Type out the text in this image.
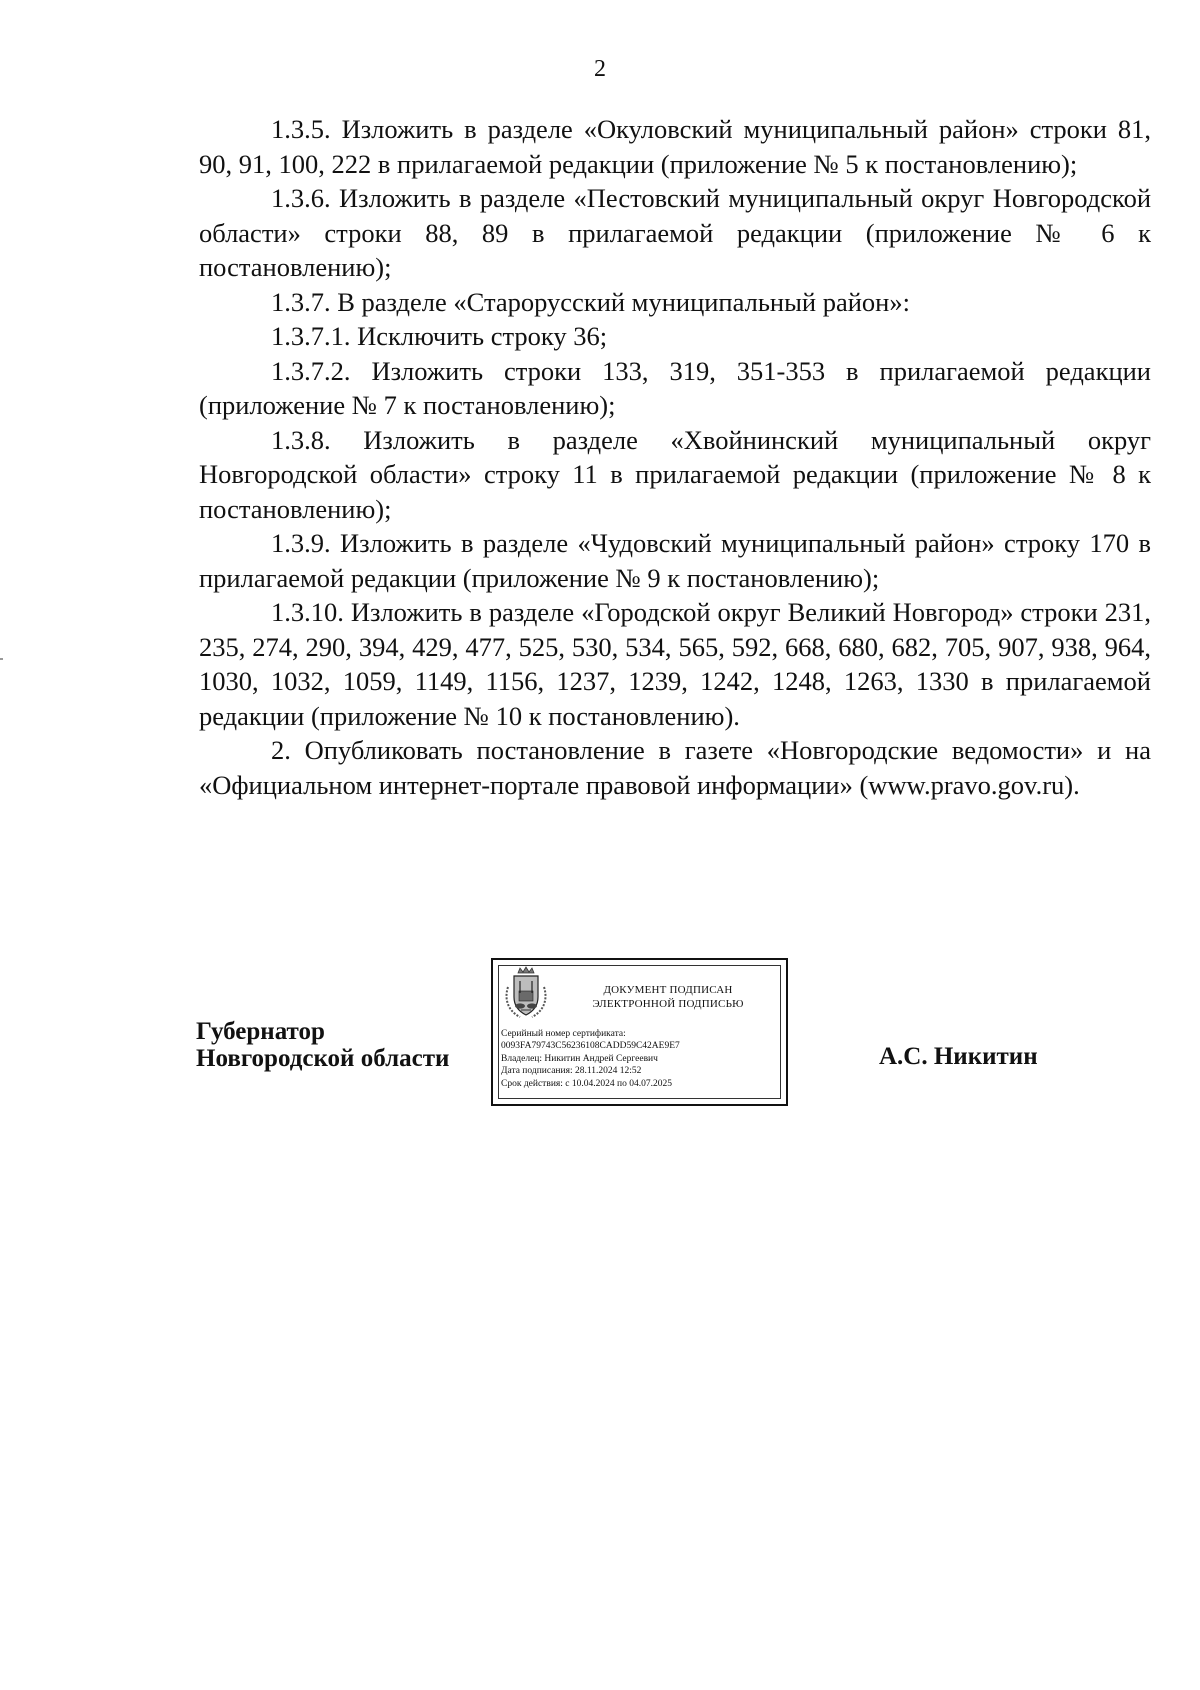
2

1.3.5. Изложить в разделе «Окуловский муниципальный район» строки 81, 90, 91, 100, 222 в прилагаемой редакции (приложение № 5 к постановлению);

1.3.6. Изложить в разделе «Пестовский муниципальный округ Новгородской области» строки 88, 89 в прилагаемой редакции (приложение № 6 к постановлению);

1.3.7. В разделе «Старорусский муниципальный район»:

1.3.7.1. Исключить строку 36;

1.3.7.2. Изложить строки 133, 319, 351-353 в прилагаемой редакции (приложение № 7 к постановлению);

1.3.8. Изложить в разделе «Хвойнинский муниципальный округ Новгородской области» строку 11 в прилагаемой редакции (приложение № 8 к постановлению);

1.3.9. Изложить в разделе «Чудовский муниципальный район» строку 170 в прилагаемой редакции (приложение № 9 к постановлению);

1.3.10. Изложить в разделе «Городской округ Великий Новгород» строки 231, 235, 274, 290, 394, 429, 477, 525, 530, 534, 565, 592, 668, 680, 682, 705, 907, 938, 964, 1030, 1032, 1059, 1149, 1156, 1237, 1239, 1242, 1248, 1263, 1330 в прилагаемой редакции (приложение № 10 к постановлению).

2. Опубликовать постановление в газете «Новгородские ведомости» и на «Официальном интернет-портале правовой информации» (www.pravo.gov.ru).

Губернатор
Новгородской области
ДОКУМЕНТ ПОДПИСАН
ЭЛЕКТРОННОЙ ПОДПИСЬЮ
Серийный номер сертификата:
0093FA79743C56236108CADD59C42AE9E7
Владелец: Никитин Андрей Сергеевич
Дата подписания: 28.11.2024 12:52
Срок действия: с 10.04.2024 по 04.07.2025
А.С. Никитин
